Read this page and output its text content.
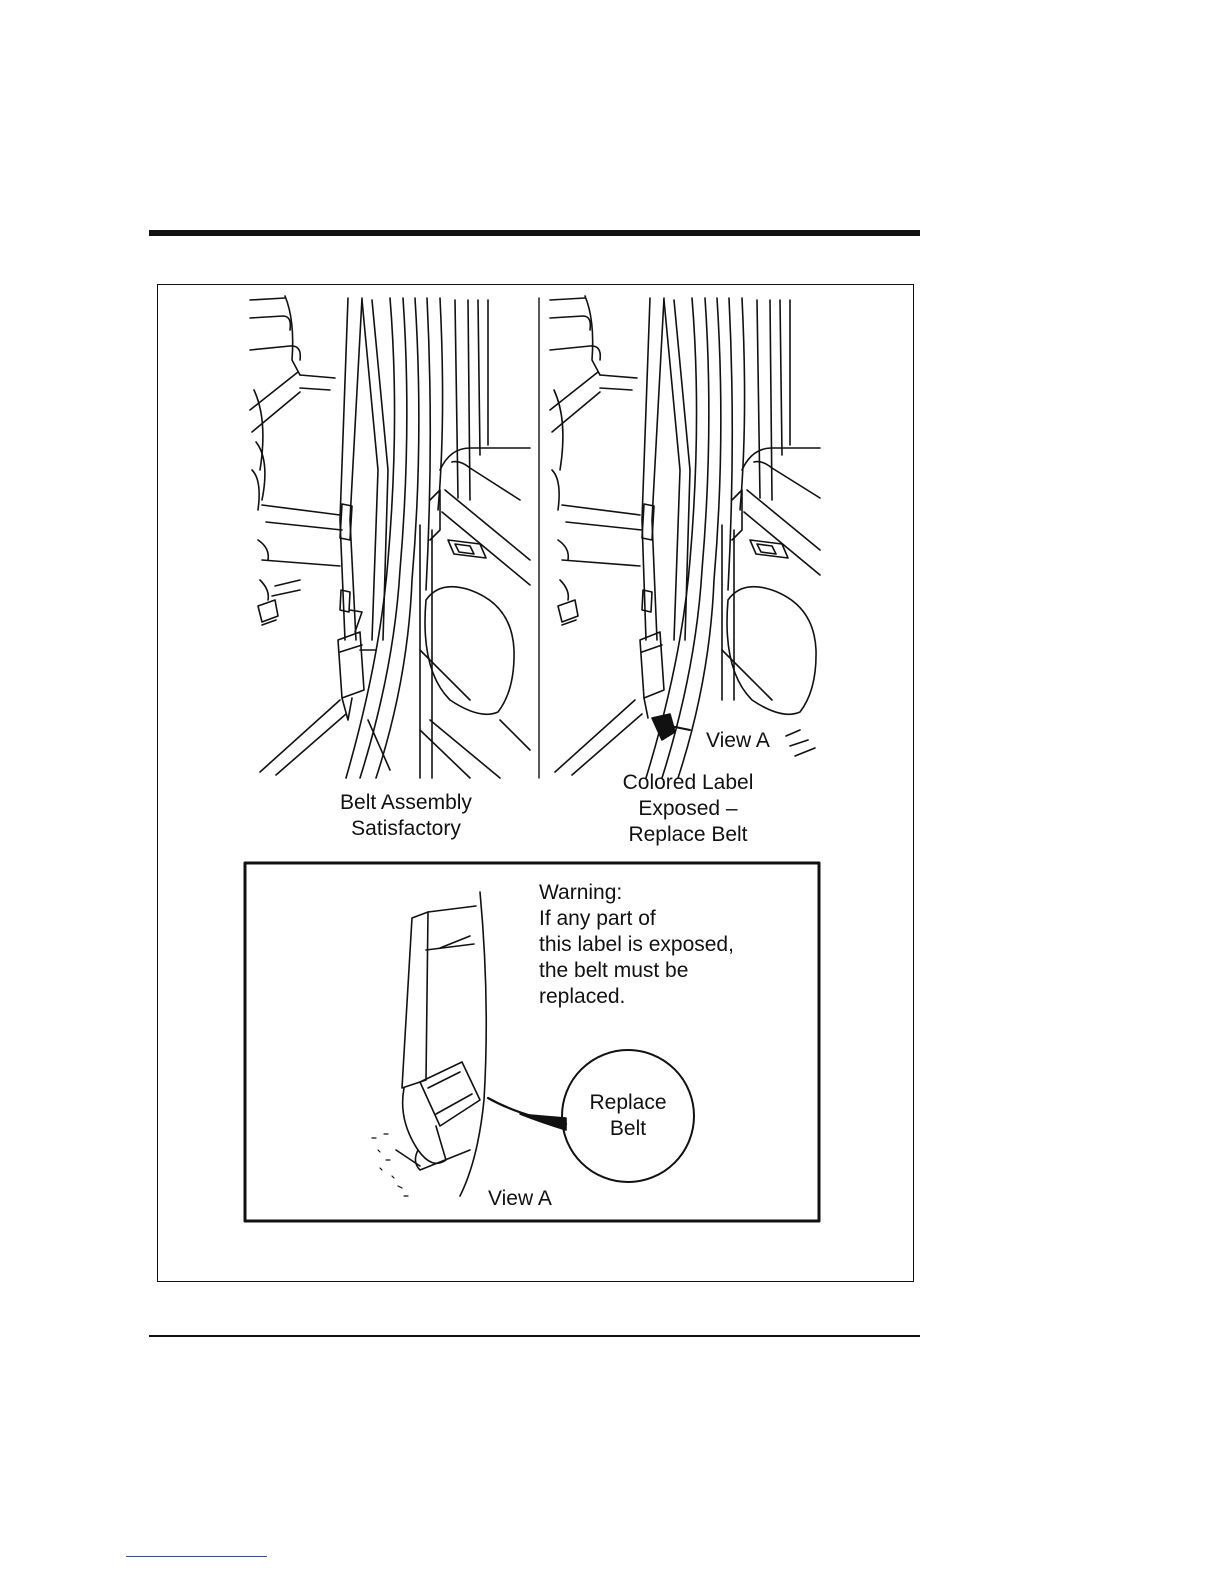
Belt Assembly
Satisfactory
View A
Colored Label
Exposed –
Replace Belt
Warning:
If any part of
this label is exposed,
the belt must be
replaced.
Replace
Belt
View A
